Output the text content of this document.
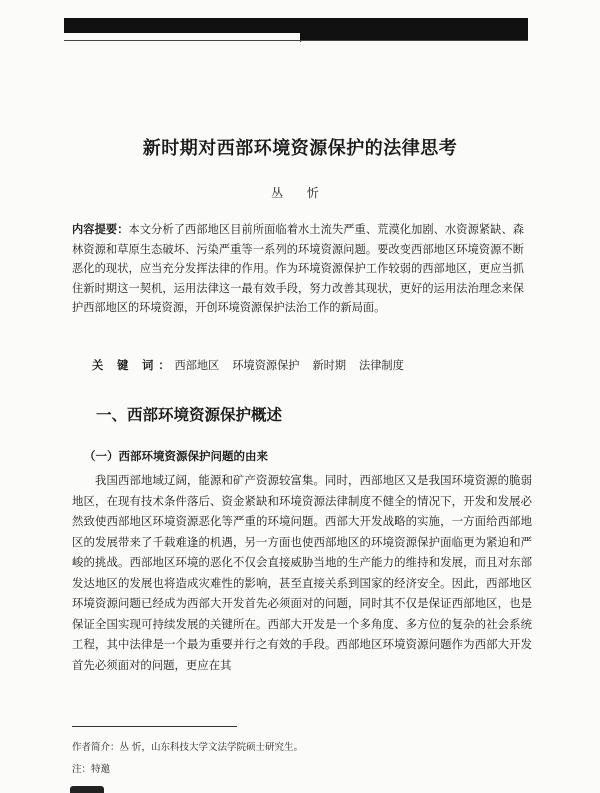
新时期对西部环境资源保护的法律思考
丛 忻

内容提要：本文分析了西部地区目前所面临着水土流失严重、荒漠化加剧、水资源紧缺、森林资源和草原生态破坏、污染严重等一系列的环境资源问题。要改变西部地区环境资源不断恶化的现状，应当充分发挥法律的作用。作为环境资源保护工作较弱的西部地区，更应当抓住新时期这一契机，运用法律这一最有效手段，努力改善其现状，更好的运用法治理念来保护西部地区的环境资源，开创环境资源保护法治工作的新局面。

关 键 词：西部地区 环境资源保护 新时期 法律制度

一、西部环境资源保护概述
（一）西部环境资源保护问题的由来

我国西部地域辽阔，能源和矿产资源较富集。同时，西部地区又是我国环境资源的脆弱地区，在现有技术条件落后、资金紧缺和环境资源法律制度不健全的情况下，开发和发展必然致使西部地区环境资源恶化等严重的环境问题。西部大开发战略的实施，一方面给西部地区的发展带来了千载难逢的机遇，另一方面也使西部地区的环境资源保护面临更为紧迫和严峻的挑战。西部地区环境的恶化不仅会直接威胁当地的生产能力的维持和发展，而且对东部发达地区的发展也将造成灾难性的影响，甚至直接关系到国家的经济安全。因此，西部地区环境资源问题已经成为西部大开发首先必须面对的问题，同时其不仅是保证西部地区，也是保证全国实现可持续发展的关键所在。西部大开发是一个多角度、多方位的复杂的社会系统工程，其中法律是一个最为重要并行之有效的手段。西部地区环境资源问题作为西部大开发首先必须面对的问题，更应在其

作者简介：丛 忻，山东科技大学文法学院硕士研究生。

注：特邀
